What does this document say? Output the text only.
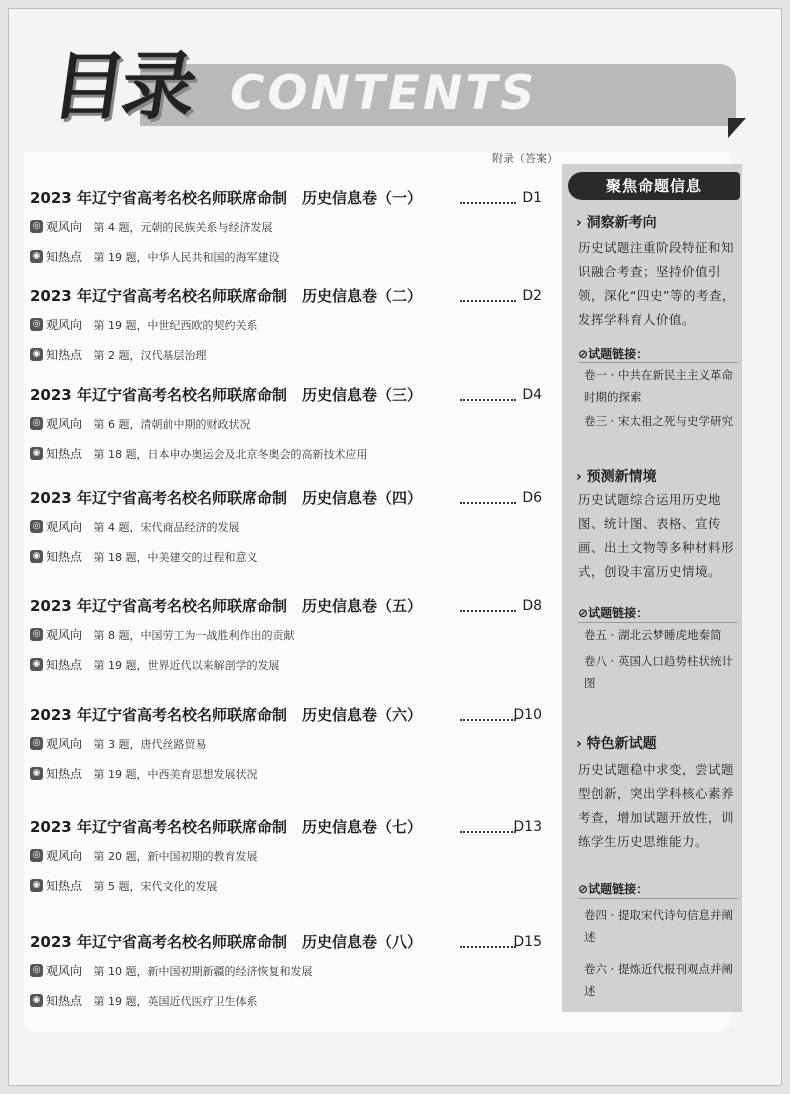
目录 CONTENTS
附录（答案）
2023 年辽宁省高考名校名师联席命制　历史信息卷（一）	D1
◎ 观风向 第 4 题，元朝的民族关系与经济发展
◉ 知热点 第 19 题，中华人民共和国的海军建设
2023 年辽宁省高考名校名师联席命制　历史信息卷（二）	D2
◎ 观风向 第 19 题，中世纪西欧的契约关系
◉ 知热点 第 2 题，汉代基层治理
2023 年辽宁省高考名校名师联席命制　历史信息卷（三）	D4
◎ 观风向 第 6 题，清朝前中期的财政状况
◉ 知热点 第 18 题，日本申办奥运会及北京冬奥会的高新技术应用
2023 年辽宁省高考名校名师联席命制　历史信息卷（四）	D6
◎ 观风向 第 4 题，宋代商品经济的发展
◉ 知热点 第 18 题，中美建交的过程和意义
2023 年辽宁省高考名校名师联席命制　历史信息卷（五）	D8
◎ 观风向 第 8 题，中国劳工为一战胜利作出的贡献
◉ 知热点 第 19 题，世界近代以来解剖学的发展
2023 年辽宁省高考名校名师联席命制　历史信息卷（六）	D10
◎ 观风向 第 3 题，唐代丝路贸易
◉ 知热点 第 19 题，中西美育思想发展状况
2023 年辽宁省高考名校名师联席命制　历史信息卷（七）	D13
◎ 观风向 第 20 题，新中国初期的教育发展
◉ 知热点 第 5 题，宋代文化的发展
2023 年辽宁省高考名校名师联席命制　历史信息卷（八）	D15
◎ 观风向 第 10 题，新中国初期新疆的经济恢复和发展
◉ 知热点 第 19 题，英国近代医疗卫生体系
聚焦命题信息
› 洞察新考向
历史试题注重阶段特征和知识融合考查；坚持价值引领，深化“四史”等的考查，发挥学科育人价值。
⊘试题链接：
卷一 · 中共在新民主主义革命时期的探索
卷三 · 宋太祖之死与史学研究
› 预测新情境
历史试题综合运用历史地图、统计图、表格、宣传画、出土文物等多种材料形式，创设丰富历史情境。
⊘试题链接：
卷五 · 湖北云梦睡虎地秦简
卷八 · 英国人口趋势柱状统计图
› 特色新试题
历史试题稳中求变，尝试题型创新，突出学科核心素养考查，增加试题开放性，训练学生历史思维能力。
⊘试题链接：
卷四 · 提取宋代诗句信息并阐述
卷六 · 提炼近代报刊观点并阐述
